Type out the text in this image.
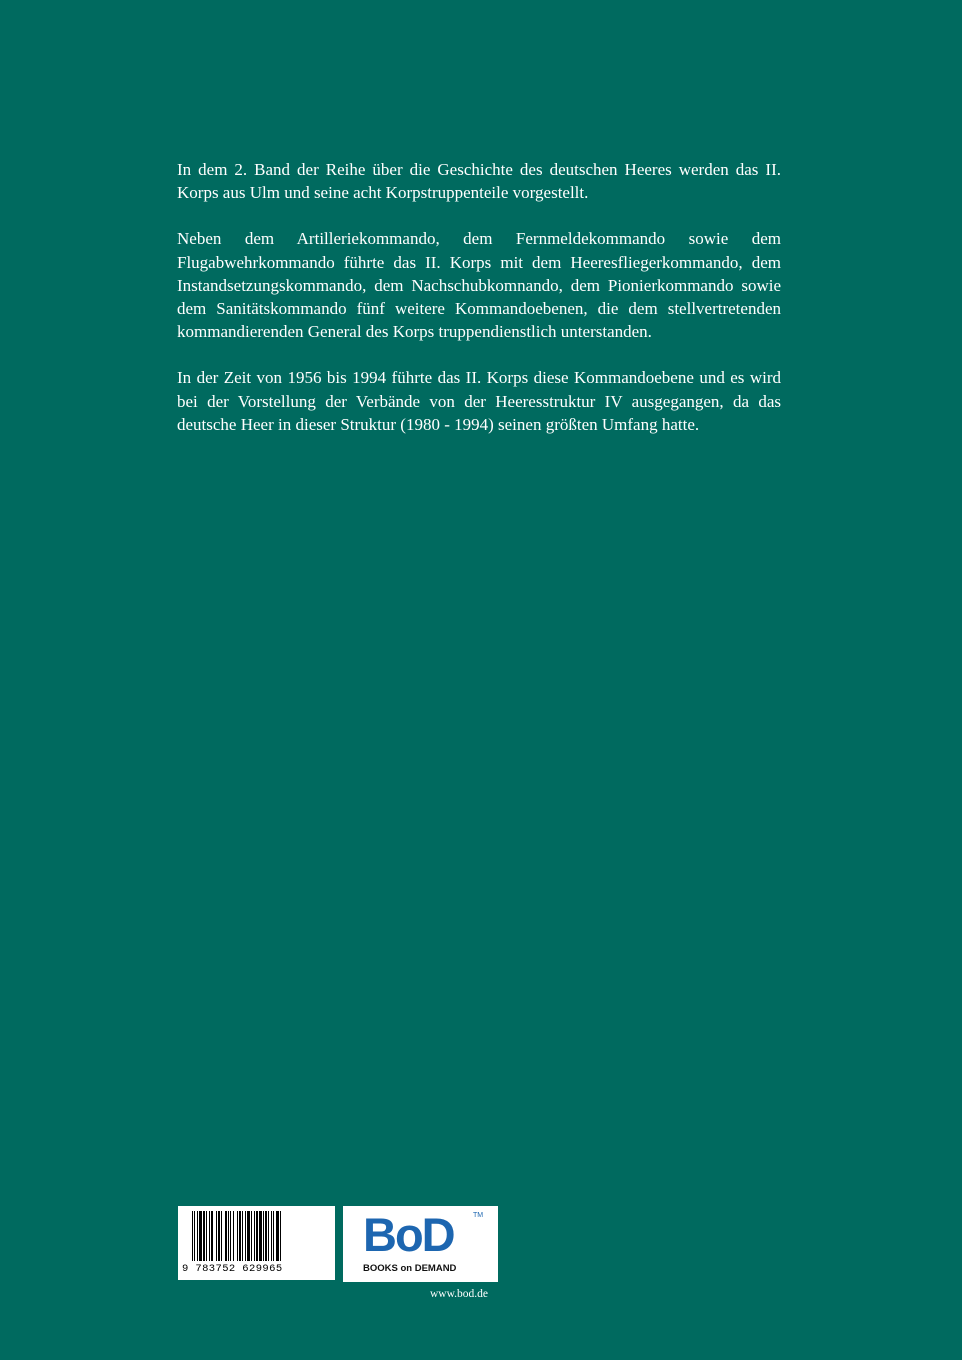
In dem 2. Band der Reihe über die Geschichte des deutschen Heeres werden das II. Korps aus Ulm und seine acht Korpstruppenteile vorgestellt.

Neben dem Artilleriekommando, dem Fernmeldekommando sowie dem Flugabwehrkommando führte das II. Korps mit dem Heeresfliegerkommando, dem Instandsetzungskommando, dem Nachschubkomnando, dem Pionierkommando sowie dem Sanitätskommando fünf weitere Kommandoebenen, die dem stellvertretenden kommandierenden General des Korps truppendienstlich unterstanden.

In der Zeit von 1956 bis 1994 führte das II. Korps diese Kommandoebene und es wird bei der Vorstellung der Verbände von der Heeresstruktur IV ausgegangen, da das deutsche Heer in dieser Struktur (1980 - 1994) seinen größten Umfang hatte.

9 783752 629965
BoD	TM
BOOKS on DEMAND
www.bod.de
